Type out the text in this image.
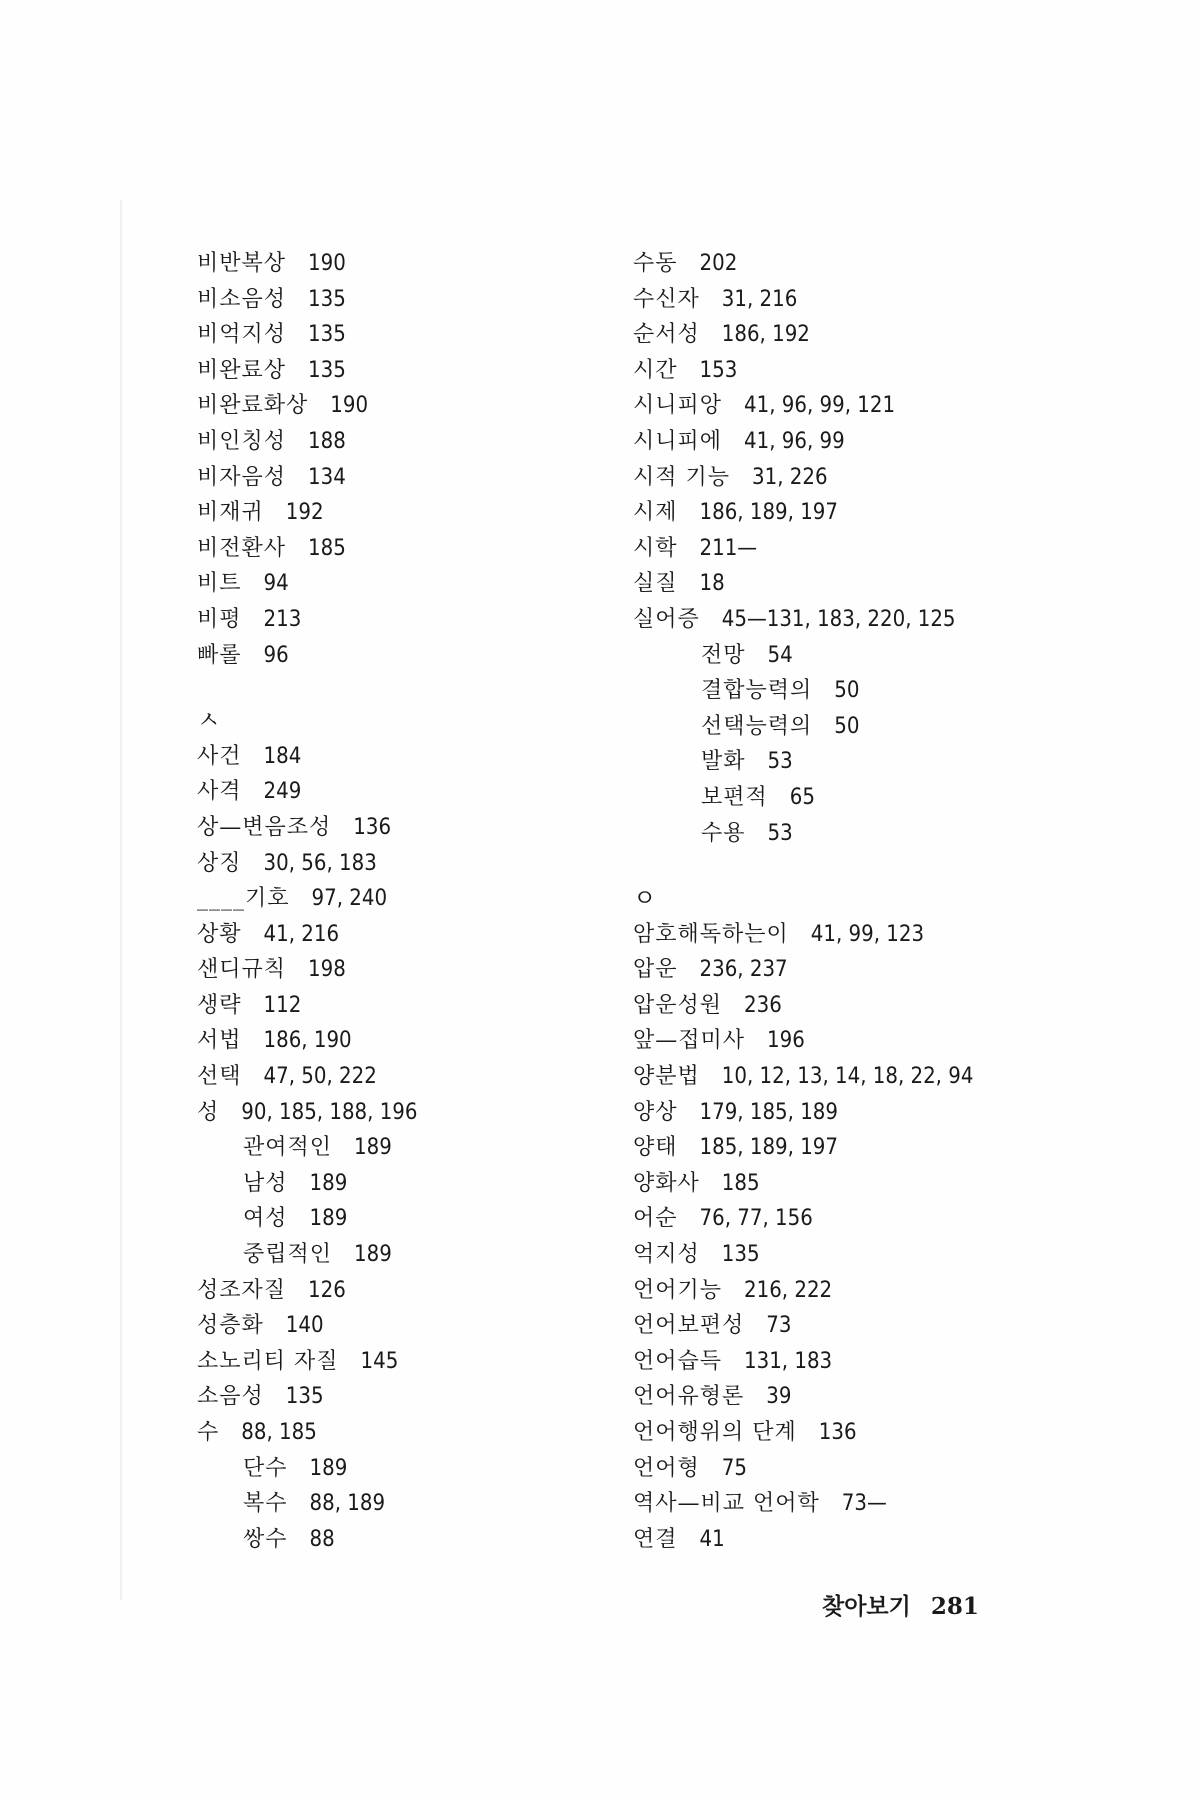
비반복상 190
비소음성 135
비억지성 135
비완료상 135
비완료화상 190
비인칭성 188
비자음성 134
비재귀 192
비전환사 185
비트 94
비평 213
빠롤 96
ㅅ
사건 184
사격 249
상—변음조성 136
상징 30, 56, 183
____기호 97, 240
상황 41, 216
샌디규칙 198
생략 112
서법 186, 190
선택 47, 50, 222
성 90, 185, 188, 196
관여적인 189
남성 189
여성 189
중립적인 189
성조자질 126
성층화 140
소노리티 자질 145
소음성 135
수 88, 185
단수 189
복수 88, 189
쌍수 88
수동 202
수신자 31, 216
순서성 186, 192
시간 153
시니피앙 41, 96, 99, 121
시니피에 41, 96, 99
시적 기능 31, 226
시제 186, 189, 197
시학 211—
실질 18
실어증 45—131, 183, 220, 125
전망 54
결합능력의 50
선택능력의 50
발화 53
보편적 65
수용 53
ㅇ
암호해독하는이 41, 99, 123
압운 236, 237
압운성원 236
앞—접미사 196
양분법 10, 12, 13, 14, 18, 22, 94
양상 179, 185, 189
양태 185, 189, 197
양화사 185
어순 76, 77, 156
억지성 135
언어기능 216, 222
언어보편성 73
언어습득 131, 183
언어유형론 39
언어행위의 단계 136
언어형 75
역사—비교 언어학 73—
연결 41
찾아보기 281
